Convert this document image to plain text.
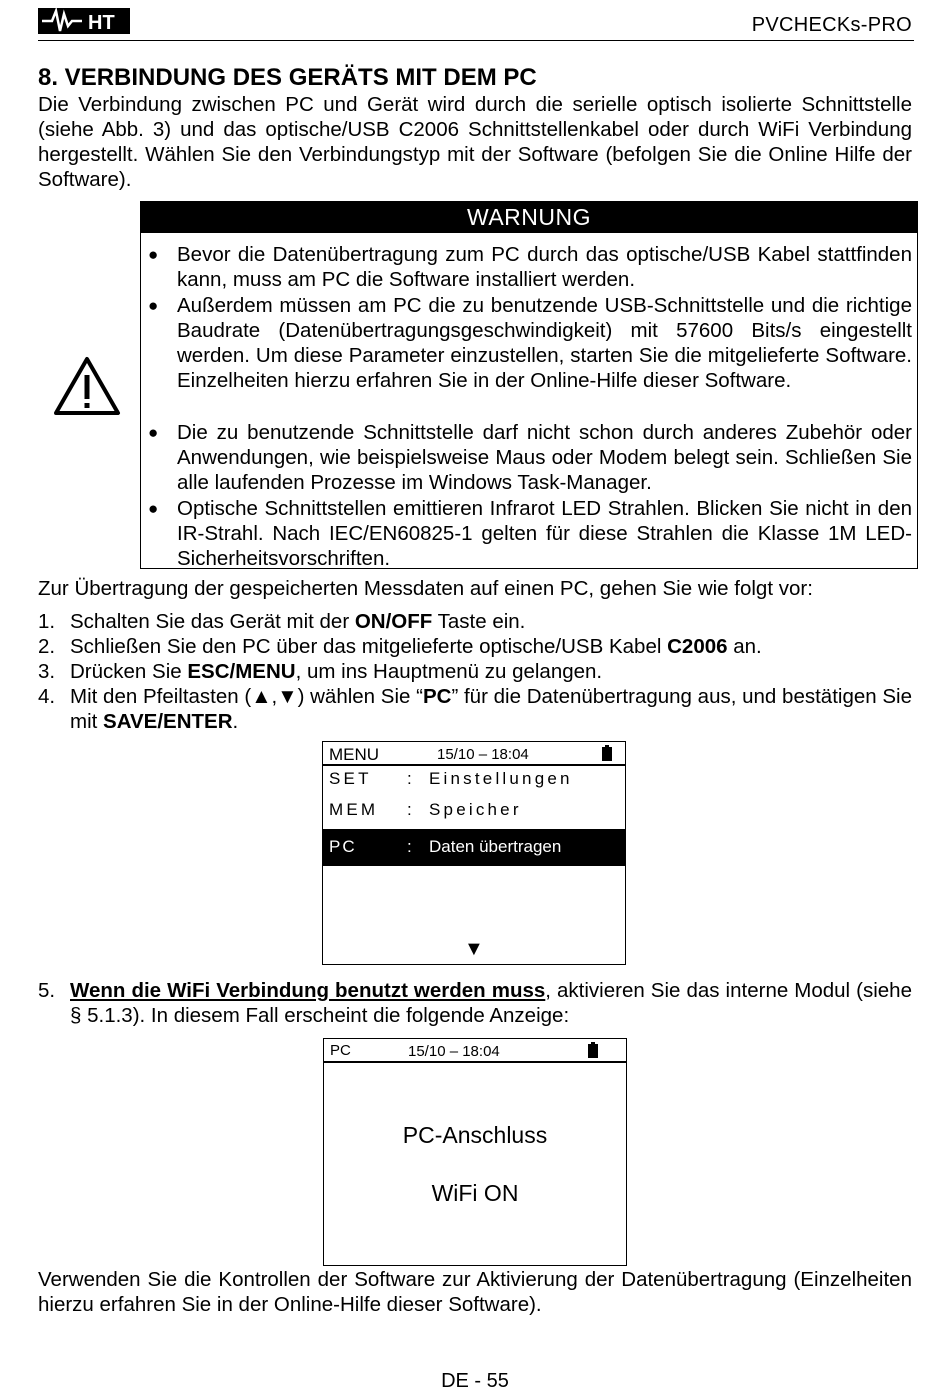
HT	PVCHECKs-PRO
8. VERBINDUNG DES GERÄTS MIT DEM PC
Die Verbindung zwischen PC und Gerät wird durch die serielle optisch isolierte Schnittstelle (siehe Abb. 3) und das optische/USB C2006 Schnittstellenkabel oder durch WiFi Verbindung hergestellt. Wählen Sie den Verbindungstyp mit der Software (befolgen Sie die Online Hilfe der Software).
WARNUNG
● Bevor die Datenübertragung zum PC durch das optische/USB Kabel stattfinden kann, muss am PC die Software installiert werden.
● Außerdem müssen am PC die zu benutzende USB-Schnittstelle und die richtige Baudrate (Datenübertragungsgeschwindigkeit) mit 57600 Bits/s eingestellt werden. Um diese Parameter einzustellen, starten Sie die mitgelieferte Software. Einzelheiten hierzu erfahren Sie in der Online-Hilfe dieser Software.
● Die zu benutzende Schnittstelle darf nicht schon durch anderes Zubehör oder Anwendungen, wie beispielsweise Maus oder Modem belegt sein. Schließen Sie alle laufenden Prozesse im Windows Task-Manager.
● Optische Schnittstellen emittieren Infrarot LED Strahlen. Blicken Sie nicht in den IR-Strahl. Nach IEC/EN60825-1 gelten für diese Strahlen die Klasse 1M LED-Sicherheitsvorschriften.
Zur Übertragung der gespeicherten Messdaten auf einen PC, gehen Sie wie folgt vor:
1. Schalten Sie das Gerät mit der ON/OFF Taste ein.
2. Schließen Sie den PC über das mitgelieferte optische/USB Kabel C2006 an.
3. Drücken Sie ESC/MENU, um ins Hauptmenü zu gelangen.
4. Mit den Pfeiltasten (▲,▼) wählen Sie “PC” für die Datenübertragung aus, und bestätigen Sie mit SAVE/ENTER.
MENU	15/10 – 18:04
SET : Einstellungen
MEM : Speicher
PC	: Daten übertragen
▼
5. Wenn die WiFi Verbindung benutzt werden muss, aktivieren Sie das interne Modul (siehe § 5.1.3). In diesem Fall erscheint die folgende Anzeige:
PC	15/10 – 18:04
PC-Anschluss
WiFi ON
Verwenden Sie die Kontrollen der Software zur Aktivierung der Datenübertragung (Einzelheiten hierzu erfahren Sie in der Online-Hilfe dieser Software).
DE - 55
